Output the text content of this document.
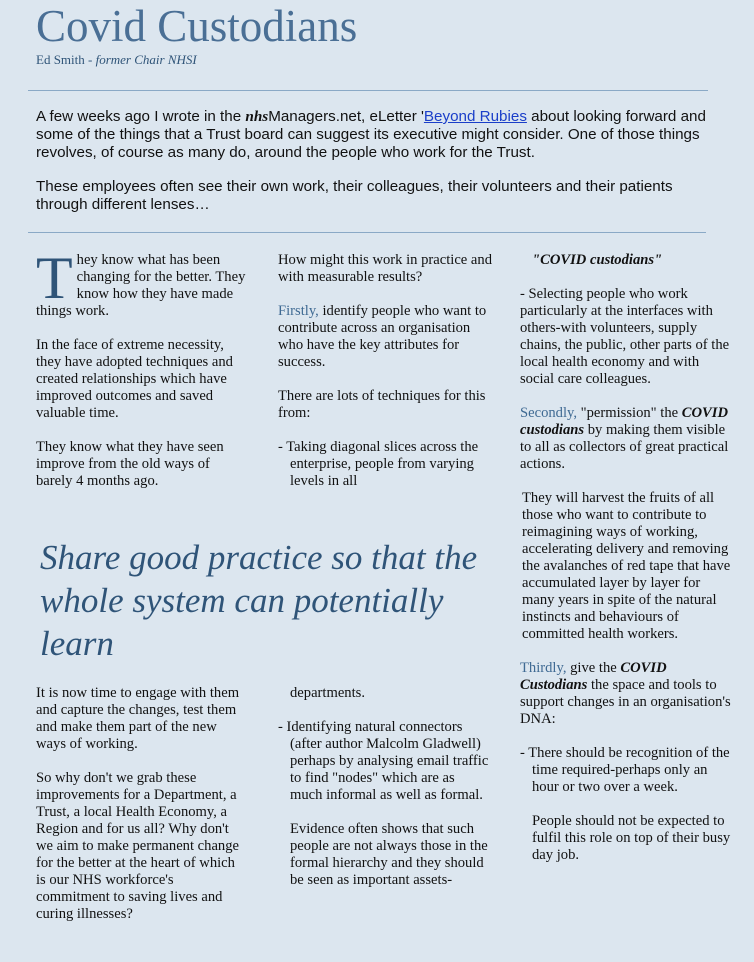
Covid Custodians
Ed Smith - former Chair NHSI

A few weeks ago I wrote in the nhsManagers.net, eLetter 'Beyond Rubies about looking forward and some of the things that a Trust board can suggest its executive might consider. One of those things revolves, of course as many do, around the people who work for the Trust.

These employees often see their own work, their colleagues, their volunteers and their patients through different lenses…

They know what has been changing for the better. They know how they have made things work.

In the face of extreme necessity, they have adopted techniques and created relationships which have improved outcomes and saved valuable time.

They know what they have seen improve from the old ways of barely 4 months ago.

How might this work in practice and with measurable results?

Firstly, identify people who want to contribute across an organisation who have the key attributes for success.

There are lots of techniques for this from:

- Taking diagonal slices across the enterprise, people from varying levels in all

Share good practice so that the whole system can potentially learn

It is now time to engage with them and capture the changes, test them and make them part of the new ways of working.

So why don't we grab these improvements for a Department, a Trust, a local Health Economy, a Region and for us all? Why don't we aim to make permanent change for the better at the heart of which is our NHS workforce's commitment to saving lives and curing illnesses?

departments.

- Identifying natural connectors (after author Malcolm Gladwell) perhaps by analysing email traffic to find "nodes" which are as much informal as well as formal.

Evidence often shows that such people are not always those in the formal hierarchy and they should be seen as important assets-

"COVID custodians"

- Selecting people who work particularly at the interfaces with others-with volunteers, supply chains, the public, other parts of the local health economy and with social care colleagues.

Secondly, "permission" the COVID custodians by making them visible to all as collectors of great practical actions.

They will harvest the fruits of all those who want to contribute to reimagining ways of working, accelerating delivery and removing the avalanches of red tape that have accumulated layer by layer for many years in spite of the natural instincts and behaviours of committed health workers.

Thirdly, give the COVID Custodians the space and tools to support changes in an organisation's DNA:

- There should be recognition of the time required-perhaps only an hour or two over a week.

People should not be expected to fulfil this role on top of their busy day job.
